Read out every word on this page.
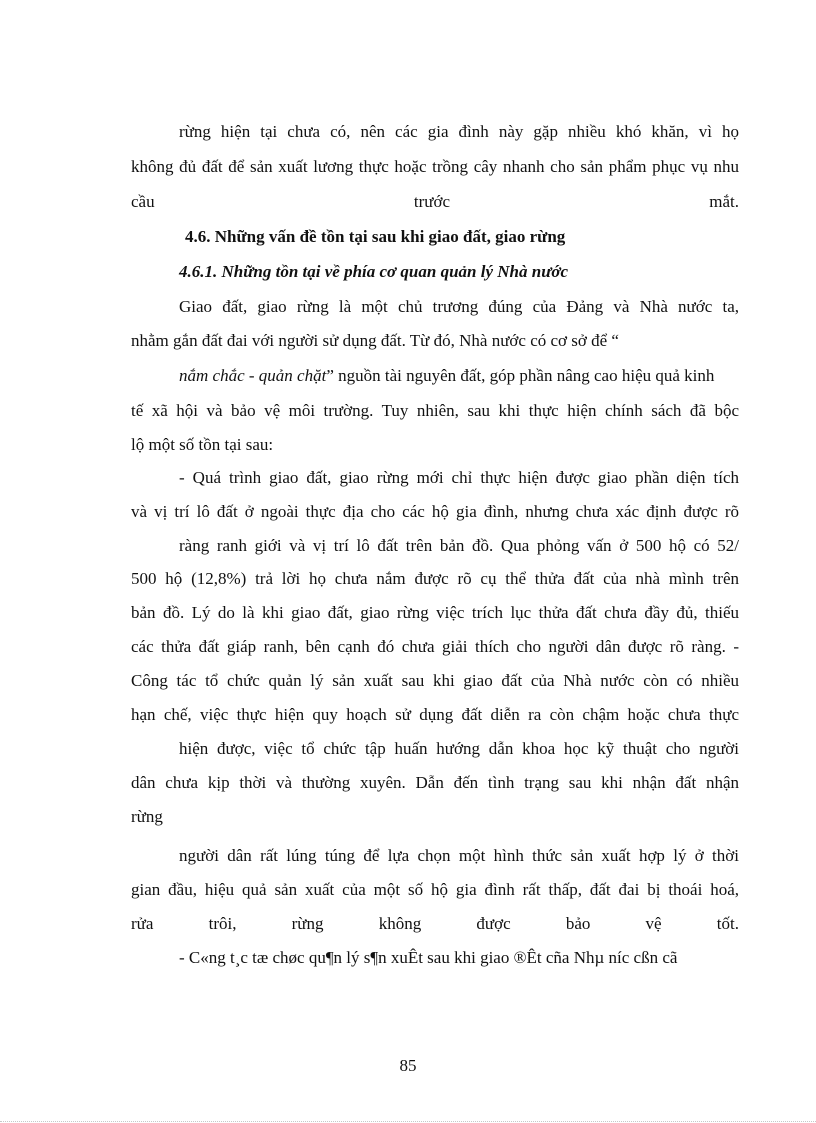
rừng hiện tại chưa có, nên các gia đình này gặp nhiều khó khăn, vì họ
không đủ đất để sản xuất lương thực hoặc trồng cây nhanh cho sản phẩm phục vụ nhu
cầu trước mắt.
4.6. Những vấn đề tồn tại sau khi giao đất, giao rừng
4.6.1. Những tồn tại về phía cơ quan quản lý Nhà nước
Giao đất, giao rừng là một chủ trương đúng của Đảng và Nhà nước ta,
nhằm gắn đất đai với người sử dụng đất. Từ đó, Nhà nước có cơ sở để “
nắm chắc - quản chặt” nguồn tài nguyên đất, góp phần nâng cao hiệu quả kinh
tế xã hội và bảo vệ môi trường. Tuy nhiên, sau khi thực hiện chính sách đã bộc
lộ một số tồn tại sau:
- Quá trình giao đất, giao rừng mới chỉ thực hiện được giao phần diện tích
và vị trí lô đất ở ngoài thực địa cho các hộ gia đình, nhưng chưa xác định được rõ
ràng ranh giới và vị trí lô đất trên bản đồ. Qua phỏng vấn ở 500 hộ có 52/
500 hộ (12,8%) trả lời họ chưa nắm được rõ cụ thể thửa đất của nhà mình trên
bản đồ. Lý do là khi giao đất, giao rừng việc trích lục thửa đất chưa đầy đủ, thiếu
các thửa đất giáp ranh, bên cạnh đó chưa giải thích cho người dân được rõ ràng. -
Công tác tổ chức quản lý sản xuất sau khi giao đất của Nhà nước còn có nhiều
hạn chế, việc thực hiện quy hoạch sử dụng đất diễn ra còn chậm hoặc chưa thực
hiện được, việc tổ chức tập huấn hướng dẫn khoa học kỹ thuật cho người
dân chưa kịp thời và thường xuyên. Dẫn đến tình trạng sau khi nhận đất nhận
rừng
người dân rất lúng túng để lựa chọn một hình thức sản xuất hợp lý ở thời
gian đầu, hiệu quả sản xuất của một số hộ gia đình rất thấp, đất đai bị thoái hoá,
rửa trôi, rừng không được bảo vệ tốt.
- C«ng t¸c tæ chøc qu¶n lý s¶n xuÊt sau khi giao ®Êt cña Nhµ níc cßn cã
85
